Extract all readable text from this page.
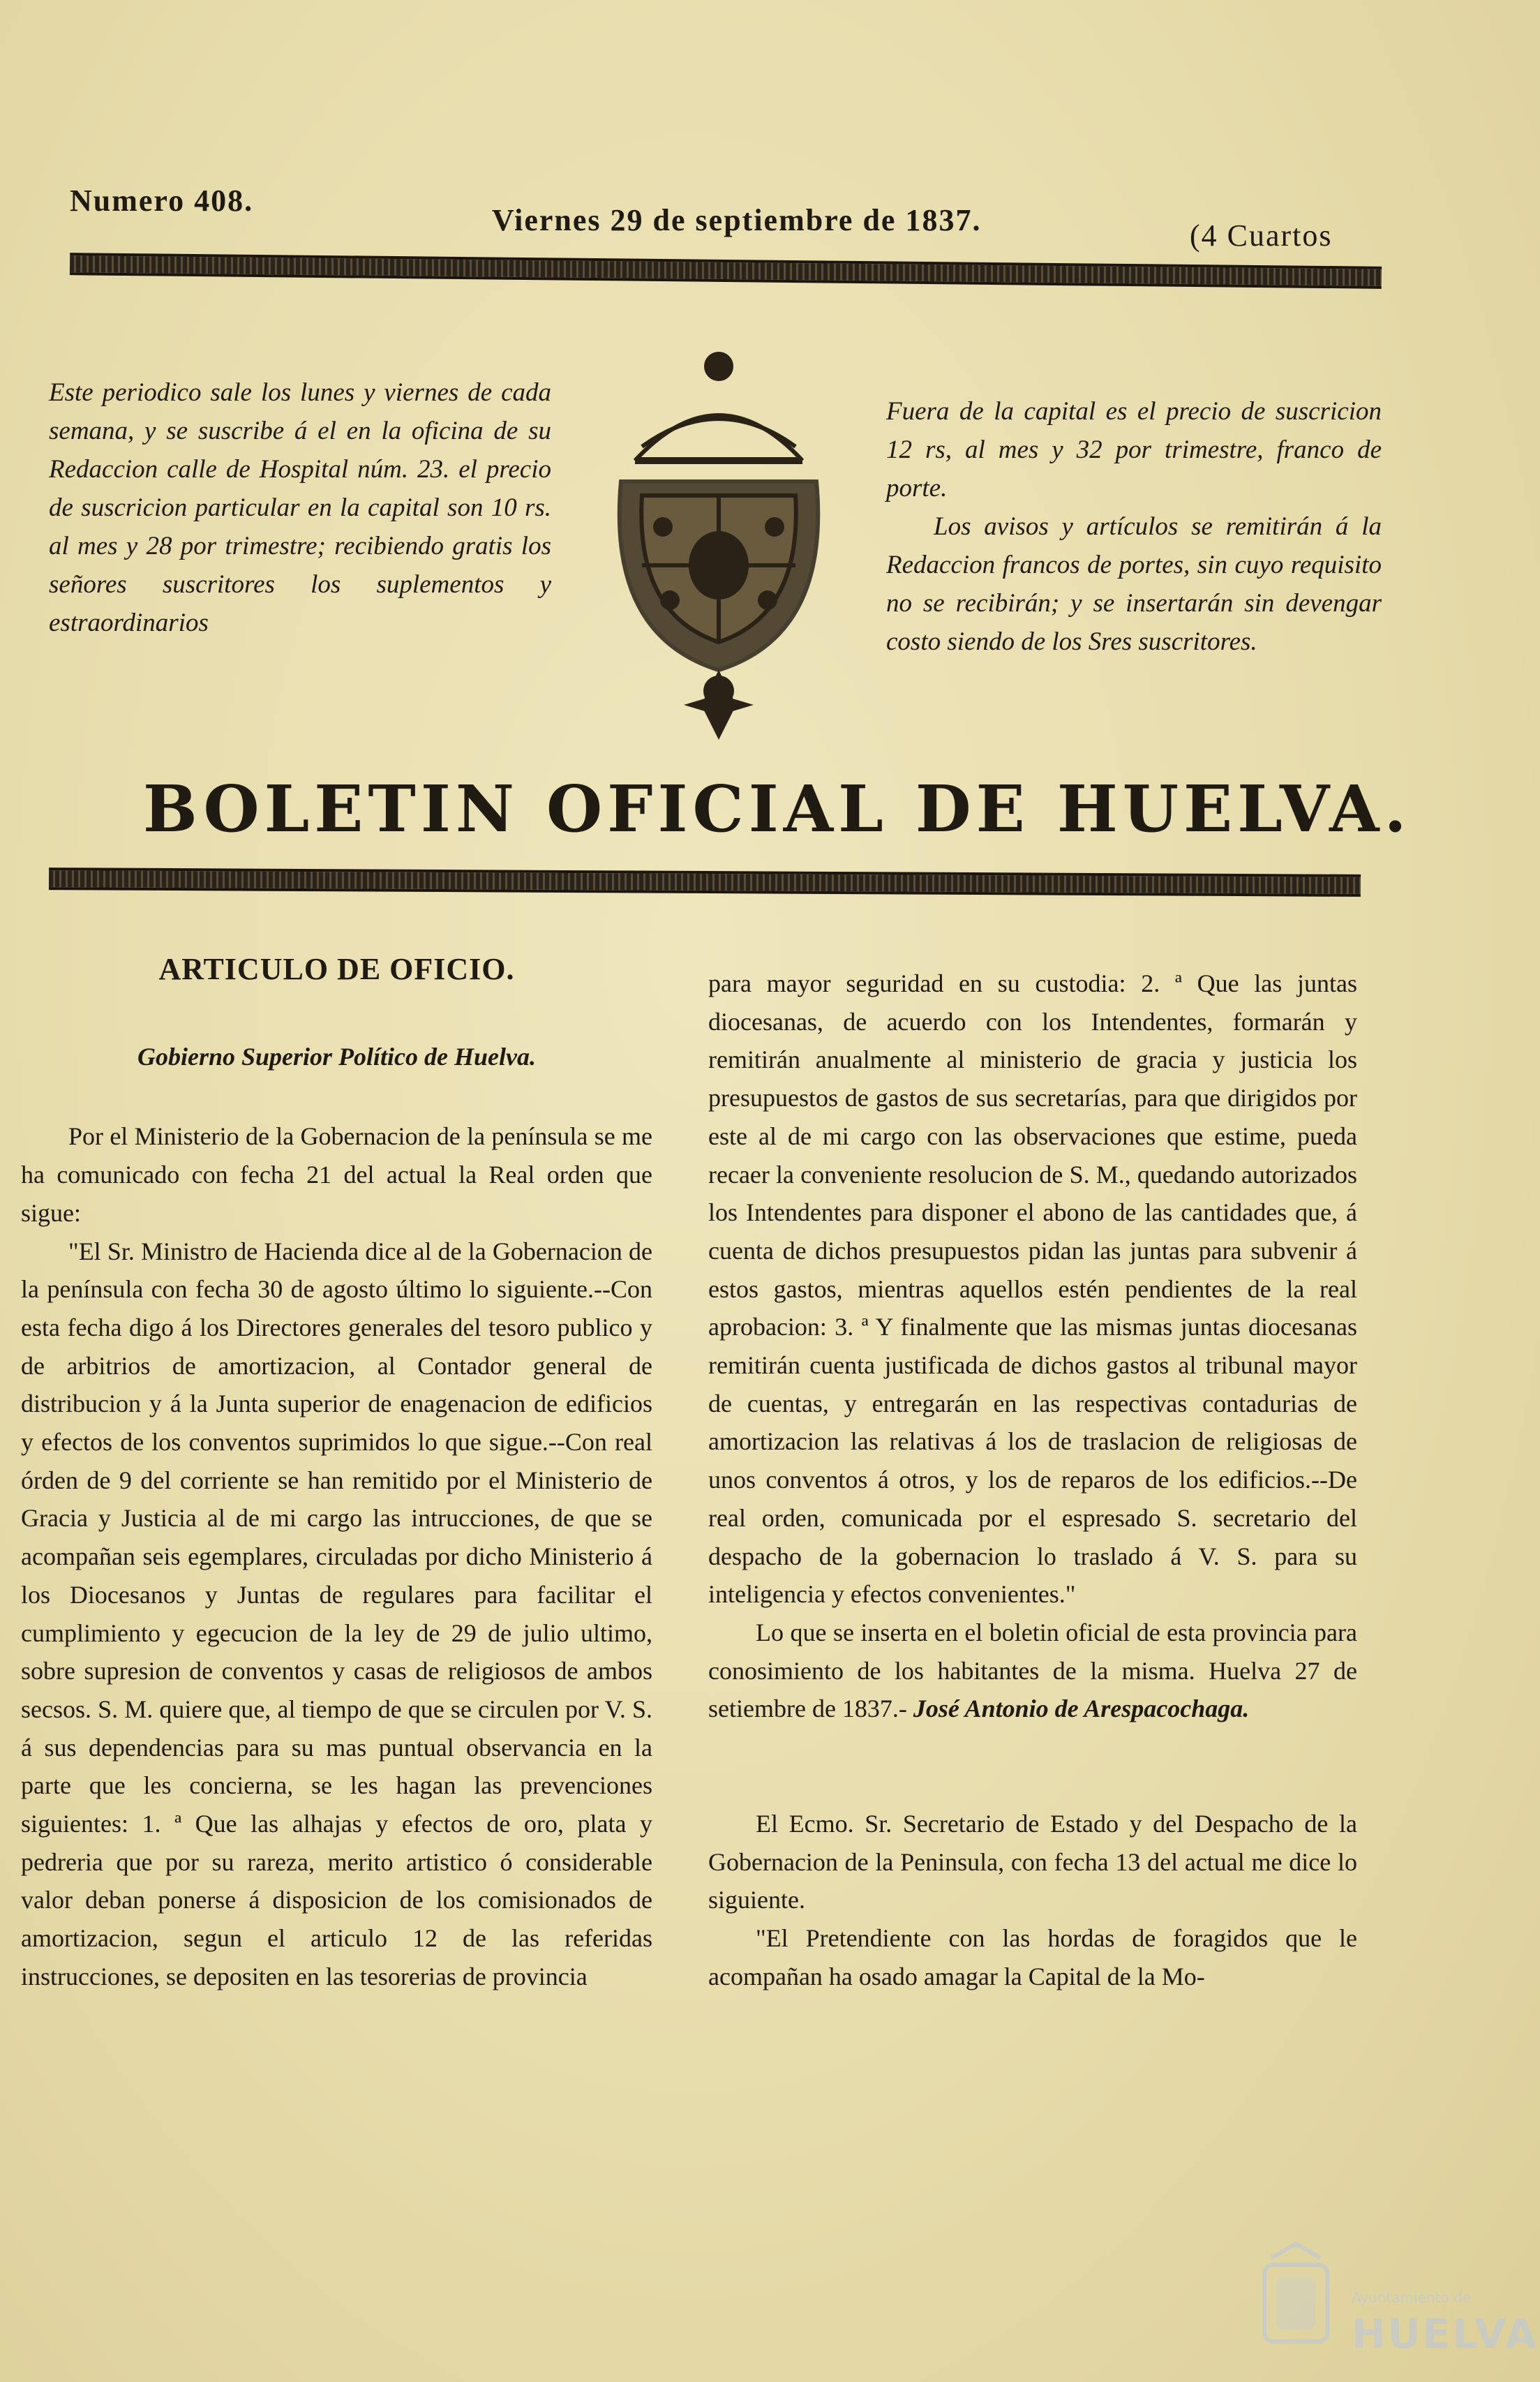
Numero 408.
Viernes 29 de septiembre de 1837.	(4 Cuartos
Este periodico sale los lunes y viernes de cada semana, y se suscribe á el en la oficina de su Redaccion calle de Hospital núm. 23. el precio de suscricion particular en la capital son 10 rs. al mes y 28 por trimestre; recibiendo gratis los señores suscritores los suplementos y estraordinarios
Fuera de la capital es el precio de suscricion 12 rs, al mes y 32 por trimestre, franco de porte.
Los avisos y artículos se remitirán á la Redaccion francos de portes, sin cuyo requisito no se recibirán; y se insertarán sin devengar costo siendo de los Sres suscritores.
BOLETIN OFICIAL DE HUELVA.

ARTICULO DE OFICIO.

Gobierno Superior Político de Huelva.

Por el Ministerio de la Gobernacion de la península se me ha comunicado con fecha 21 del actual la Real orden que sigue:

"El Sr. Ministro de Hacienda dice al de la Gobernacion de la península con fecha 30 de agosto último lo siguiente.--Con esta fecha digo á los Directores generales del tesoro publico y de arbitrios de amortizacion, al Contador general de distribucion y á la Junta superior de enagenacion de edificios y efectos de los conventos suprimidos lo que sigue.--Con real órden de 9 del corriente se han remitido por el Ministerio de Gracia y Justicia al de mi cargo las intrucciones, de que se acompañan seis egemplares, circuladas por dicho Ministerio á los Diocesanos y Juntas de regulares para facilitar el cumplimiento y egecucion de la ley de 29 de julio ultimo, sobre supresion de conventos y casas de religiosos de ambos secsos. S. M. quiere que, al tiempo de que se circulen por V. S. á sus dependencias para su mas puntual observancia en la parte que les concierna, se les hagan las prevenciones siguientes: 1. ª Que las alhajas y efectos de oro, plata y pedreria que por su rareza, merito artistico ó considerable valor deban ponerse á disposicion de los comisionados de amortizacion, segun el articulo 12 de las referidas instrucciones, se depositen en las tesorerias de provincia

para mayor seguridad en su custodia: 2. ª Que las juntas diocesanas, de acuerdo con los Intendentes, formarán y remitirán anualmente al ministerio de gracia y justicia los presupuestos de gastos de sus secretarías, para que dirigidos por este al de mi cargo con las observaciones que estime, pueda recaer la conveniente resolucion de S. M., quedando autorizados los Intendentes para disponer el abono de las cantidades que, á cuenta de dichos presupuestos pidan las juntas para subvenir á estos gastos, mientras aquellos estén pendientes de la real aprobacion: 3. ª Y finalmente que las mismas juntas diocesanas remitirán cuenta justificada de dichos gastos al tribunal mayor de cuentas, y entregarán en las respectivas contadurias de amortizacion las relativas á los de traslacion de religiosas de unos conventos á otros, y los de reparos de los edificios.--De real orden, comunicada por el espresado S. secretario del despacho de la gobernacion lo traslado á V. S. para su inteligencia y efectos convenientes."

Lo que se inserta en el boletin oficial de esta provincia para conosimiento de los habitantes de la misma. Huelva 27 de setiembre de 1837.- José Antonio de Arespacochaga.

El Ecmo. Sr. Secretario de Estado y del Despacho de la Gobernacion de la Peninsula, con fecha 13 del actual me dice lo siguiente.

"El Pretendiente con las hordas de foragidos que le acompañan ha osado amagar la Capital de la Mo-

Ayuntamiento de
HUELVA
